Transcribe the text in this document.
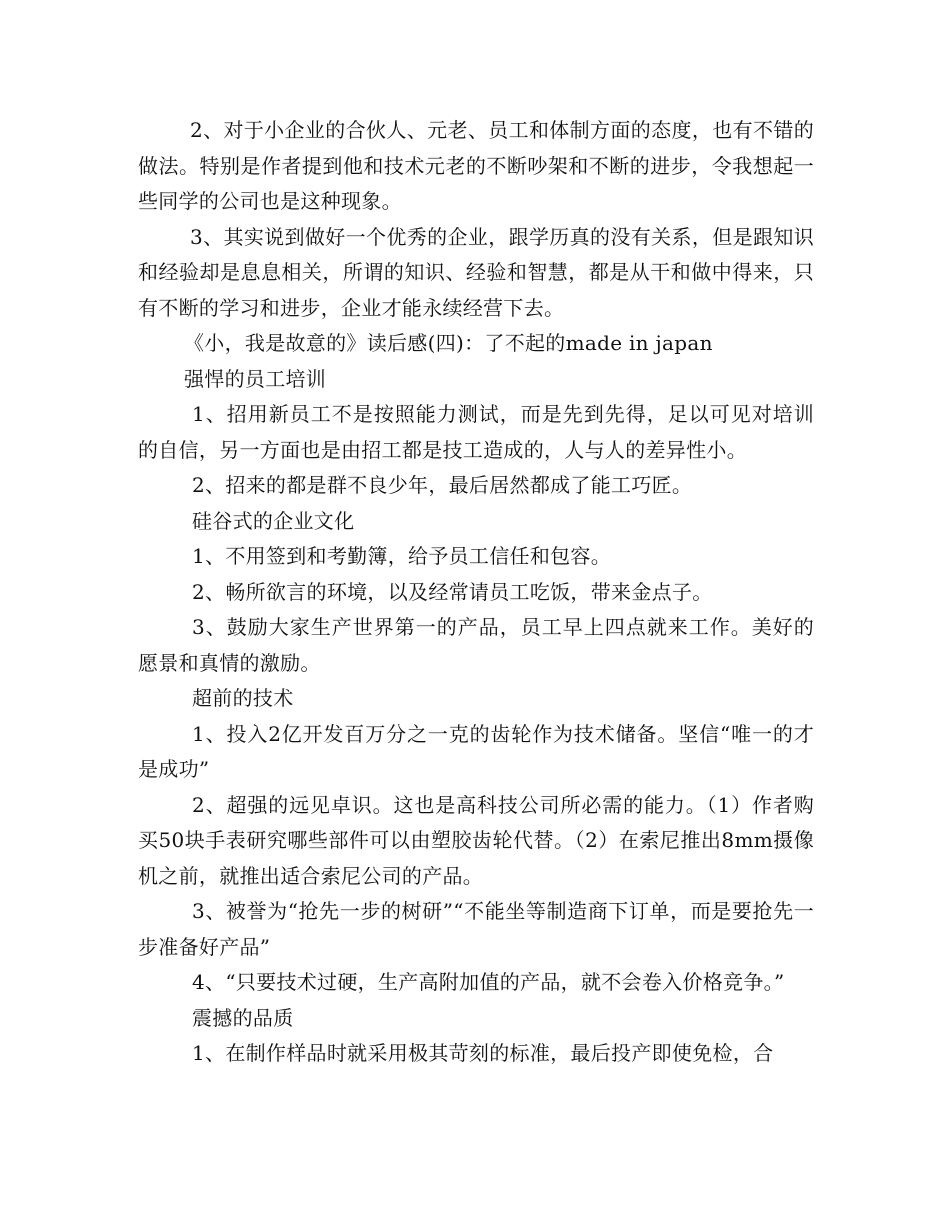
2、对于小企业的合伙人、元老、员工和体制方面的态度，也有不错的做法。特别是作者提到他和技术元老的不断吵架和不断的进步，令我想起一些同学的公司也是这种现象。

3、其实说到做好一个优秀的企业，跟学历真的没有关系，但是跟知识和经验却是息息相关，所谓的知识、经验和智慧，都是从干和做中得来，只有不断的学习和进步，企业才能永续经营下去。

《小，我是故意的》读后感(四)：了不起的made in japan

强悍的员工培训

1、招用新员工不是按照能力测试，而是先到先得，足以可见对培训的自信，另一方面也是由招工都是技工造成的，人与人的差异性小。

2、招来的都是群不良少年，最后居然都成了能工巧匠。

硅谷式的企业文化

1、不用签到和考勤簿，给予员工信任和包容。

2、畅所欲言的环境，以及经常请员工吃饭，带来金点子。

3、鼓励大家生产世界第一的产品，员工早上四点就来工作。美好的愿景和真情的激励。

超前的技术

1、投入2亿开发百万分之一克的齿轮作为技术储备。坚信“唯一的才是成功”

2、超强的远见卓识。这也是高科技公司所必需的能力。（1）作者购买50块手表研究哪些部件可以由塑胶齿轮代替。（2）在索尼推出8mm摄像机之前，就推出适合索尼公司的产品。

3、被誉为“抢先一步的树研”“不能坐等制造商下订单，而是要抢先一步准备好产品”

4、“只要技术过硬，生产高附加值的产品，就不会卷入价格竞争。”

震撼的品质

1、在制作样品时就采用极其苛刻的标准，最后投产即使免检，合
